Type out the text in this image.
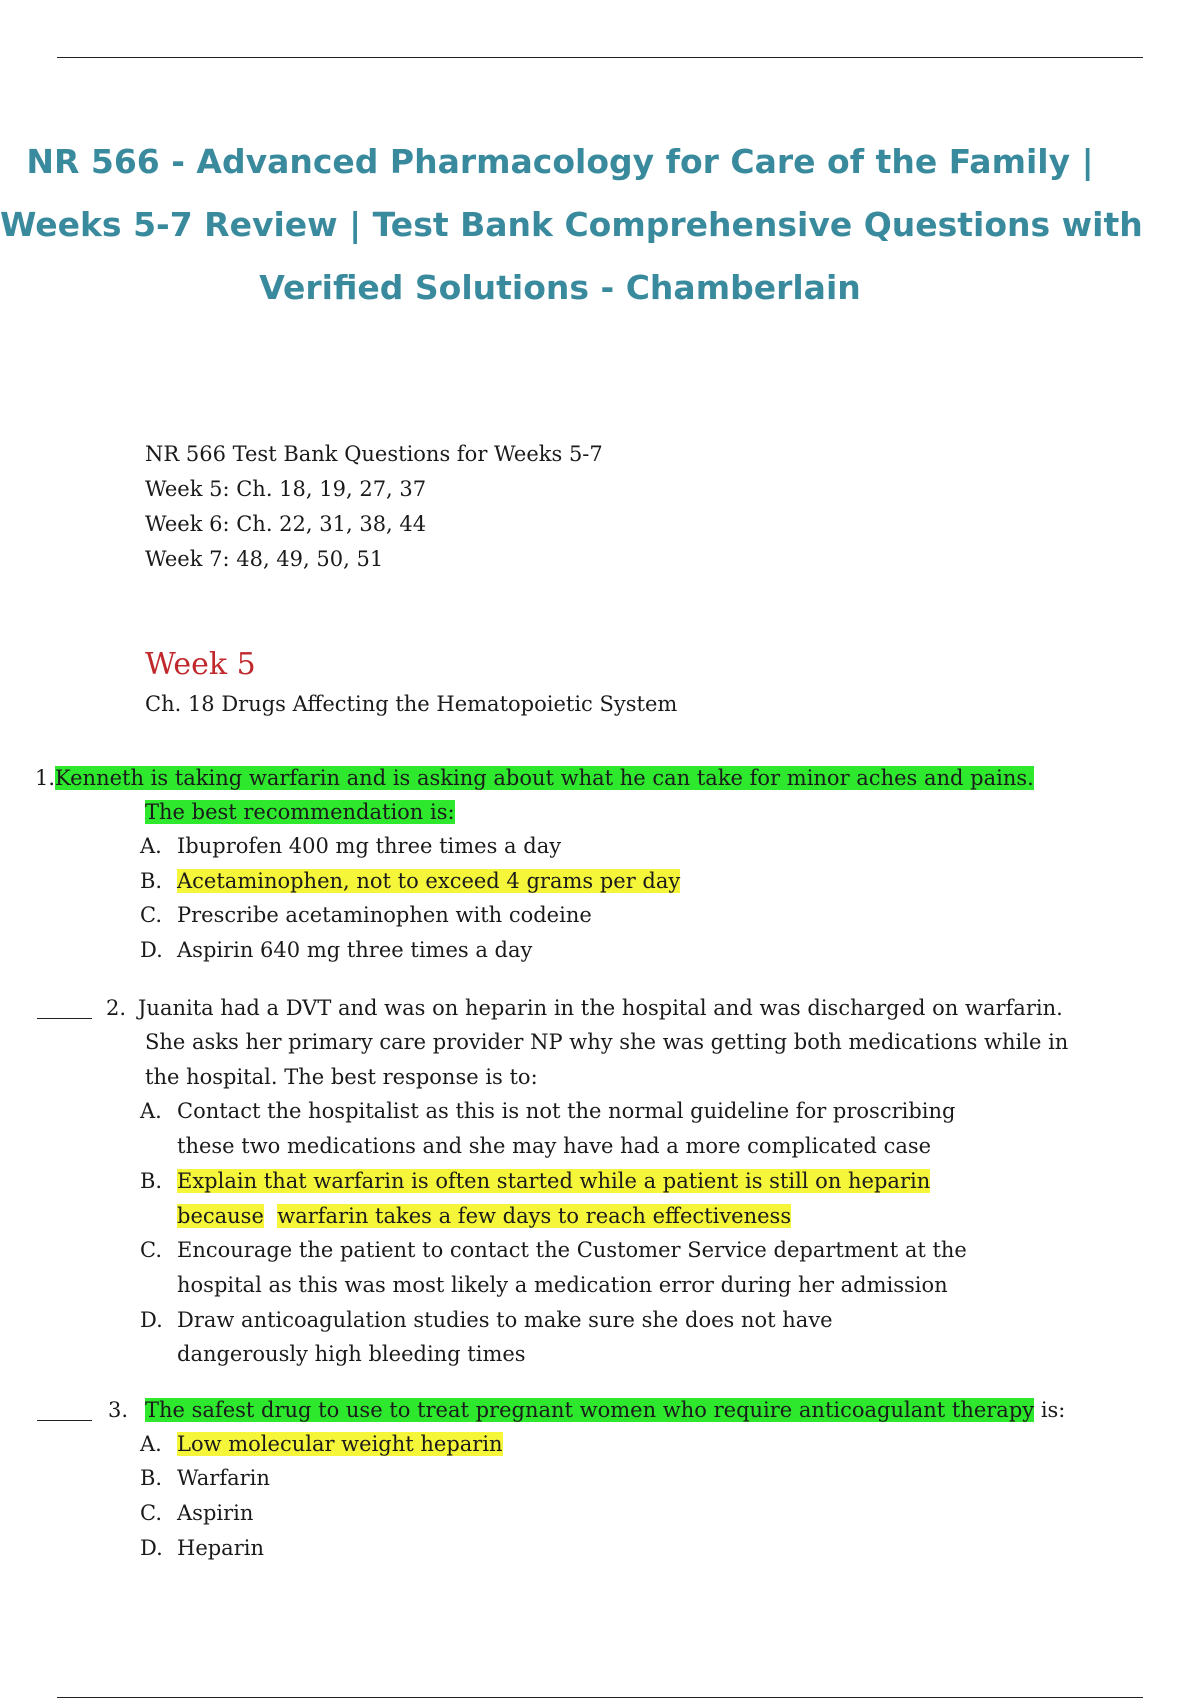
NR 566 - Advanced Pharmacology for Care of the Family |
Weeks 5-7 Review | Test Bank Comprehensive Questions with
Verified Solutions - Chamberlain
NR 566 Test Bank Questions for Weeks 5-7
Week 5: Ch. 18, 19, 27, 37
Week 6: Ch. 22, 31, 38, 44
Week 7: 48, 49, 50, 51
Week 5
Ch. 18 Drugs Affecting the Hematopoietic System
1. Kenneth is taking warfarin and is asking about what he can take for minor aches and pains.
The best recommendation is:
A. Ibuprofen 400 mg three times a day
B. Acetaminophen, not to exceed 4 grams per day
C. Prescribe acetaminophen with codeine
D. Aspirin 640 mg three times a day
2. Juanita had a DVT and was on heparin in the hospital and was discharged on warfarin.
She asks her primary care provider NP why she was getting both medications while in
the hospital. The best response is to:
A. Contact the hospitalist as this is not the normal guideline for proscribing
these two medications and she may have had a more complicated case
B. Explain that warfarin is often started while a patient is still on heparin
because warfarin takes a few days to reach effectiveness
C. Encourage the patient to contact the Customer Service department at the
hospital as this was most likely a medication error during her admission
D. Draw anticoagulation studies to make sure she does not have
dangerously high bleeding times
3. The safest drug to use to treat pregnant women who require anticoagulant therapy is:
A. Low molecular weight heparin
B. Warfarin
C. Aspirin
D. Heparin
